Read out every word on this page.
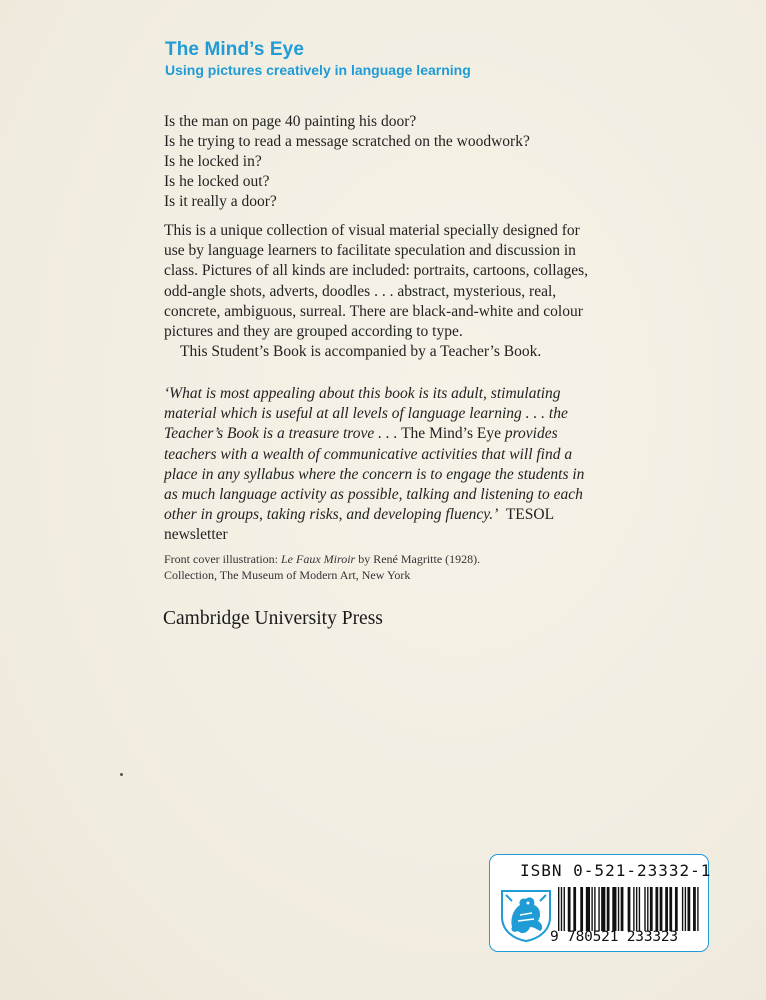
The Mind’s Eye
Using pictures creatively in language learning
Is the man on page 40 painting his door?
Is he trying to read a message scratched on the woodwork?
Is he locked in?
Is he locked out?
Is it really a door?

This is a unique collection of visual material specially designed for use by language learners to facilitate speculation and discussion in class. Pictures of all kinds are included: portraits, cartoons, collages, odd-angle shots, adverts, doodles . . . abstract, mysterious, real, concrete, ambiguous, surreal. There are black-and-white and colour pictures and they are grouped according to type.

This Student’s Book is accompanied by a Teacher’s Book.

‘What is most appealing about this book is its adult, stimulating material which is useful at all levels of language learning . . . the Teacher’s Book is a treasure trove . . . The Mind’s Eye provides teachers with a wealth of communicative activities that will find a place in any syllabus where the concern is to engage the students in as much language activity as possible, talking and listening to each other in groups, taking risks, and developing fluency.’ TESOL newsletter
Front cover illustration: Le Faux Miroir by René Magritte (1928).
Collection, The Museum of Modern Art, New York
Cambridge University Press
ISBN 0-521-23332-1
9 780521 233323
